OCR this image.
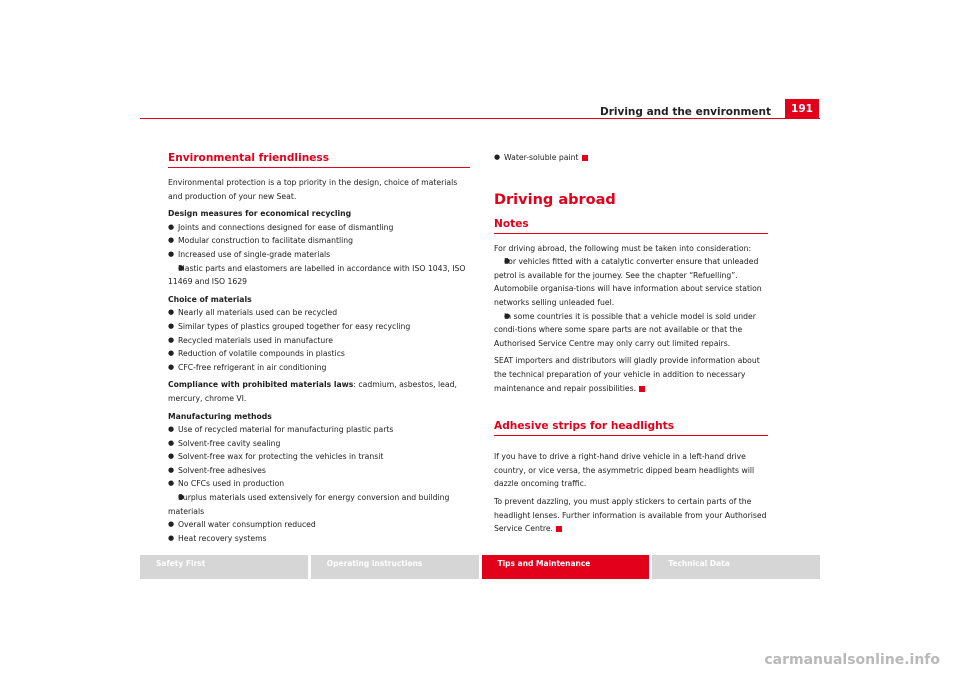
Driving and the environment	191
Environmental friendliness

Environmental protection is a top priority in the design, choice of materials and production of your new Seat.

Design measures for economical recycling

● Joints and connections designed for ease of dismantling

● Modular construction to facilitate dismantling

● Increased use of single-grade materials

● Plastic parts and elastomers are labelled in accordance with ISO 1043, ISO 11469 and ISO 1629

Choice of materials

● Nearly all materials used can be recycled

● Similar types of plastics grouped together for easy recycling

● Recycled materials used in manufacture

● Reduction of volatile compounds in plastics

● CFC-free refrigerant in air conditioning

Compliance with prohibited materials laws: cadmium, asbestos, lead, mercury, chrome VI.

Manufacturing methods

● Use of recycled material for manufacturing plastic parts

● Solvent-free cavity sealing

● Solvent-free wax for protecting the vehicles in transit

● Solvent-free adhesives

● No CFCs used in production

● Surplus materials used extensively for energy conversion and building materials

● Overall water consumption reduced

● Heat recovery systems

● Water-soluble paint

Driving abroad

Notes

For driving abroad, the following must be taken into consideration:

● For vehicles fitted with a catalytic converter ensure that unleaded petrol is available for the journey. See the chapter “Refuelling”. Automobile organisa-tions will have information about service station networks selling unleaded fuel.

● In some countries it is possible that a vehicle model is sold under condi-tions where some spare parts are not available or that the Authorised Service Centre may only carry out limited repairs.

SEAT importers and distributors will gladly provide information about the technical preparation of your vehicle in addition to necessary maintenance and repair possibilities.

Adhesive strips for headlights

If you have to drive a right-hand drive vehicle in a left-hand drive country, or vice versa, the asymmetric dipped beam headlights will dazzle oncoming traffic.

To prevent dazzling, you must apply stickers to certain parts of the headlight lenses. Further information is available from your Authorised Service Centre.

Safety First	Operating instructions	Tips and Maintenance	Technical Data
carmanualsonline.info
